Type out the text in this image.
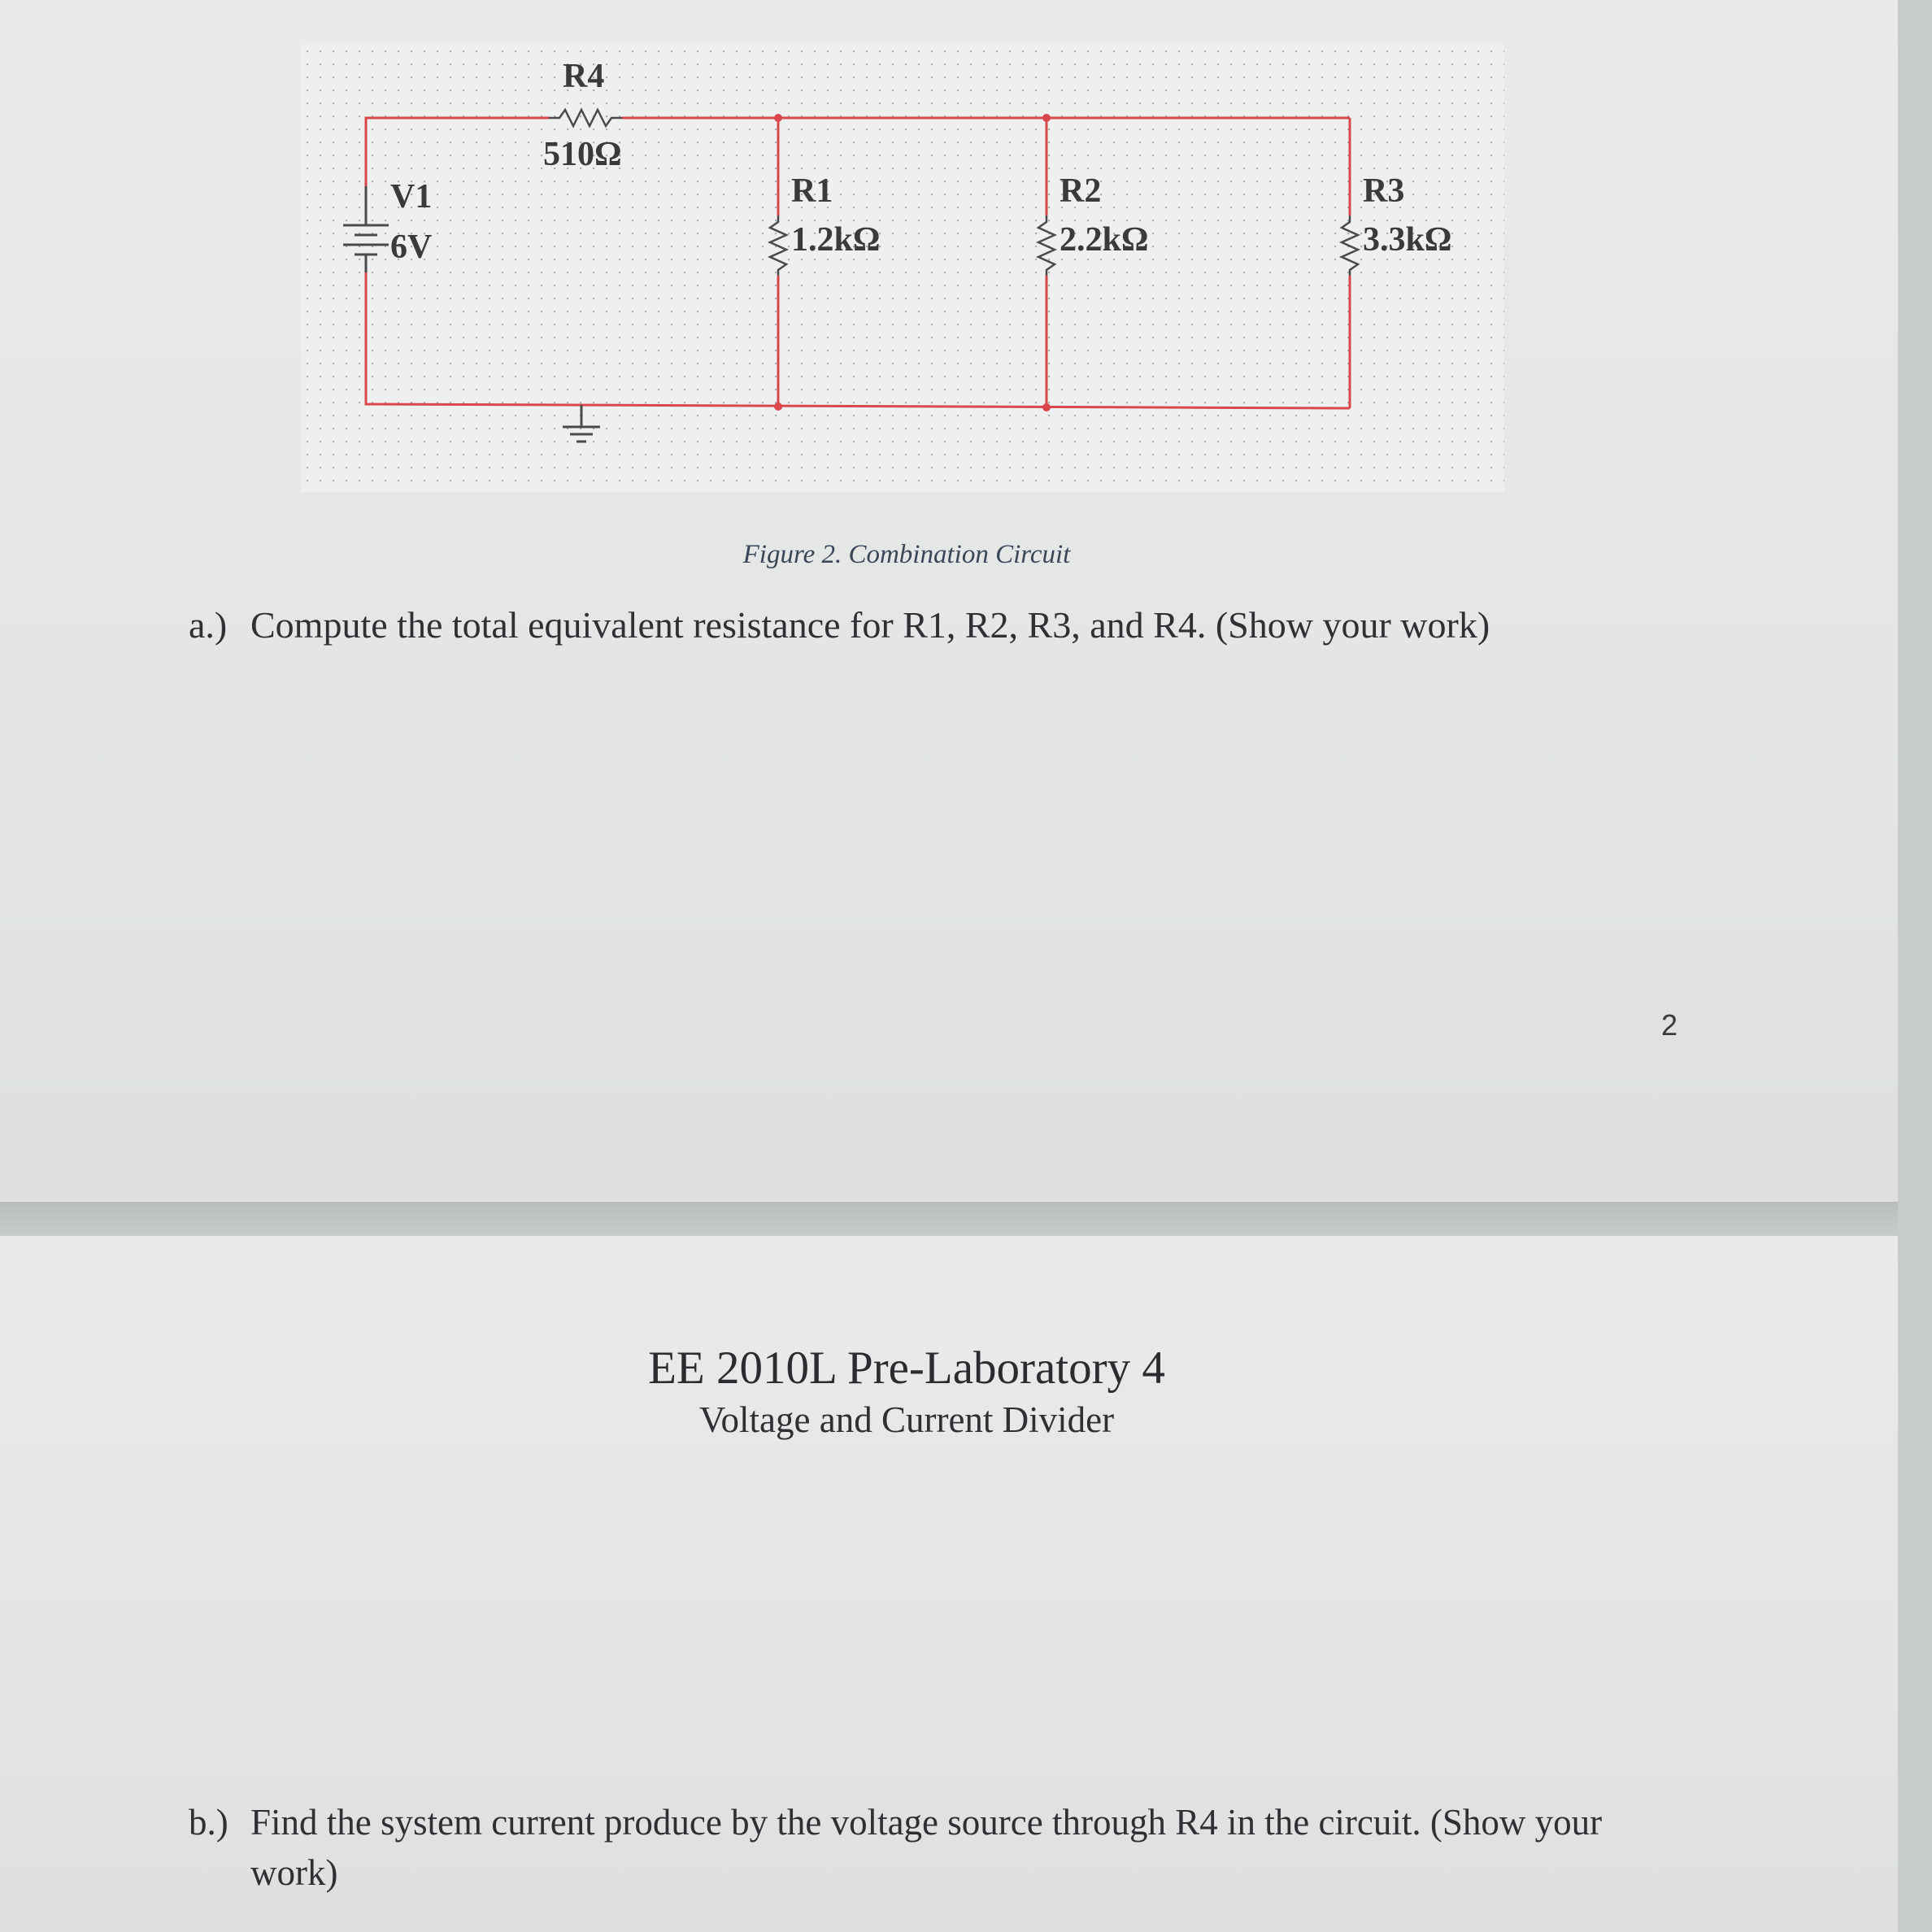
R4
510Ω
V1
6V
R1
1.2kΩ
R2
2.2kΩ
R3
3.3kΩ
Figure 2. Combination Circuit
a.) Compute the total equivalent resistance for R1, R2, R3, and R4. (Show your work)
2
EE 2010L Pre-Laboratory 4
Voltage and Current Divider
b.) Find the system current produce by the voltage source through R4 in the circuit. (Show your
work)
